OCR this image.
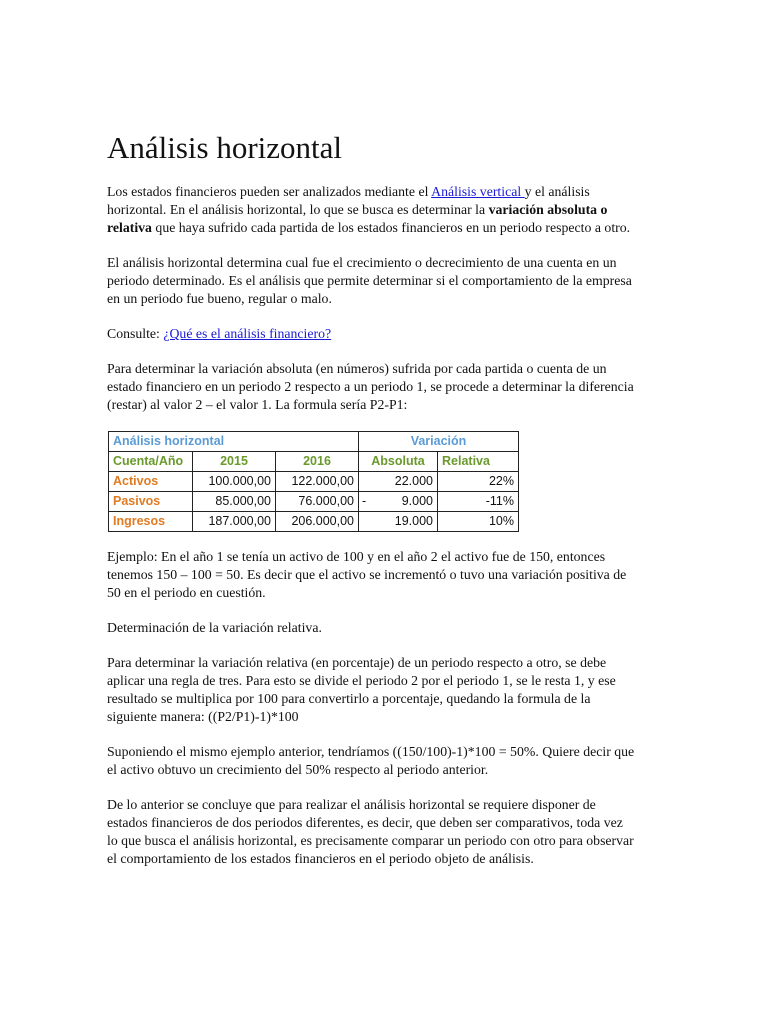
Análisis horizontal

Los estados financieros pueden ser analizados mediante el Análisis vertical y el análisis horizontal. En el análisis horizontal, lo que se busca es determinar la variación absoluta o relativa que haya sufrido cada partida de los estados financieros en un periodo respecto a otro.

El análisis horizontal determina cual fue el crecimiento o decrecimiento de una cuenta en un periodo determinado. Es el análisis que permite determinar si el comportamiento de la empresa en un periodo fue bueno, regular o malo.

Consulte: ¿Qué es el análisis financiero?

Para determinar la variación absoluta (en números) sufrida por cada partida o cuenta de un estado financiero en un periodo 2 respecto a un periodo 1, se procede a determinar la diferencia (restar) al valor 2 – el valor 1. La formula sería P2-P1:

Análisis horizontal			Variación	
Cuenta/Año	2015	2016	Absoluta	Relativa
Activos	100.000,00	122.000,00	22.000	22%
Pasivos	85.000,00	76.000,00	- 9.000	-11%
Ingresos	187.000,00	206.000,00	19.000	10%

Ejemplo: En el año 1 se tenía un activo de 100 y en el año 2 el activo fue de 150, entonces tenemos 150 – 100 = 50. Es decir que el activo se incrementó o tuvo una variación positiva de 50 en el periodo en cuestión.

Determinación de la variación relativa.

Para determinar la variación relativa (en porcentaje) de un periodo respecto a otro, se debe aplicar una regla de tres. Para esto se divide el periodo 2 por el periodo 1, se le resta 1, y ese resultado se multiplica por 100 para convertirlo a porcentaje, quedando la formula de la siguiente manera: ((P2/P1)-1)*100

Suponiendo el mismo ejemplo anterior, tendríamos ((150/100)-1)*100 = 50%. Quiere decir que el activo obtuvo un crecimiento del 50% respecto al periodo anterior.

De lo anterior se concluye que para realizar el análisis horizontal se requiere disponer de estados financieros de dos periodos diferentes, es decir, que deben ser comparativos, toda vez lo que busca el análisis horizontal, es precisamente comparar un periodo con otro para observar el comportamiento de los estados financieros en el periodo objeto de análisis.
